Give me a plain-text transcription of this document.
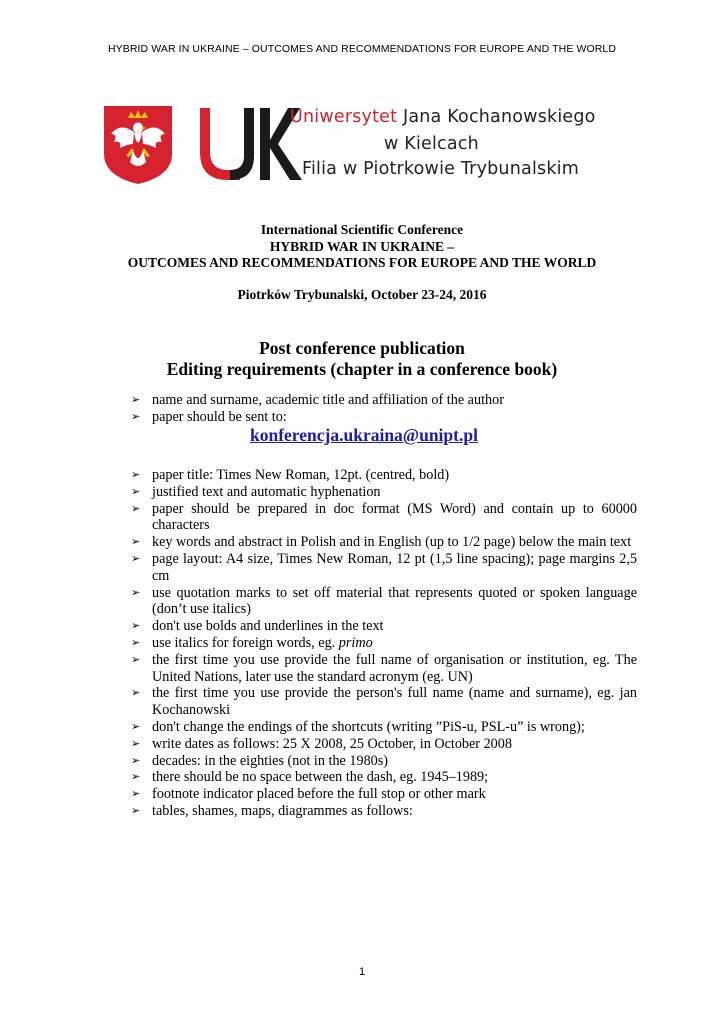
HYBRID WAR IN UKRAINE – OUTCOMES AND RECOMMENDATIONS FOR EUROPE AND THE WORLD
Uniwersytet Jana Kochanowskiego
w Kielcach
Filia w Piotrkowie Trybunalskim
International Scientific Conference
HYBRID WAR IN UKRAINE –
OUTCOMES AND RECOMMENDATIONS FOR EUROPE AND THE WORLD
Piotrków Trybunalski, October 23-24, 2016
Post conference publication
Editing requirements (chapter in a conference book)
➢ name and surname, academic title and affiliation of the author
➢ paper should be sent to:
konferencja.ukraina@unipt.pl
➢ paper title: Times New Roman, 12pt. (centred, bold)
➢ justified text and automatic hyphenation
➢ paper should be prepared in doc format (MS Word) and contain up to 60000 characters
➢ key words and abstract in Polish and in English (up to 1/2 page) below the main text
➢ page layout: A4 size, Times New Roman, 12 pt (1,5 line spacing); page margins 2,5 cm
➢ use quotation marks to set off material that represents quoted or spoken language (don’t use italics)
➢ don't use bolds and underlines in the text
➢ use italics for foreign words, eg. primo
➢ the first time you use provide the full name of organisation or institution, eg. The United Nations, later use the standard acronym (eg. UN)
➢ the first time you use provide the person's full name (name and surname), eg. jan Kochanowski
➢ don't change the endings of the shortcuts (writing ”PiS-u, PSL-u” is wrong);
➢ write dates as follows: 25 X 2008, 25 October, in October 2008
➢ decades: in the eighties (not in the 1980s)
➢ there should be no space between the dash, eg. 1945–1989;
➢ footnote indicator placed before the full stop or other mark
➢ tables, shames, maps, diagrammes as follows:
1
